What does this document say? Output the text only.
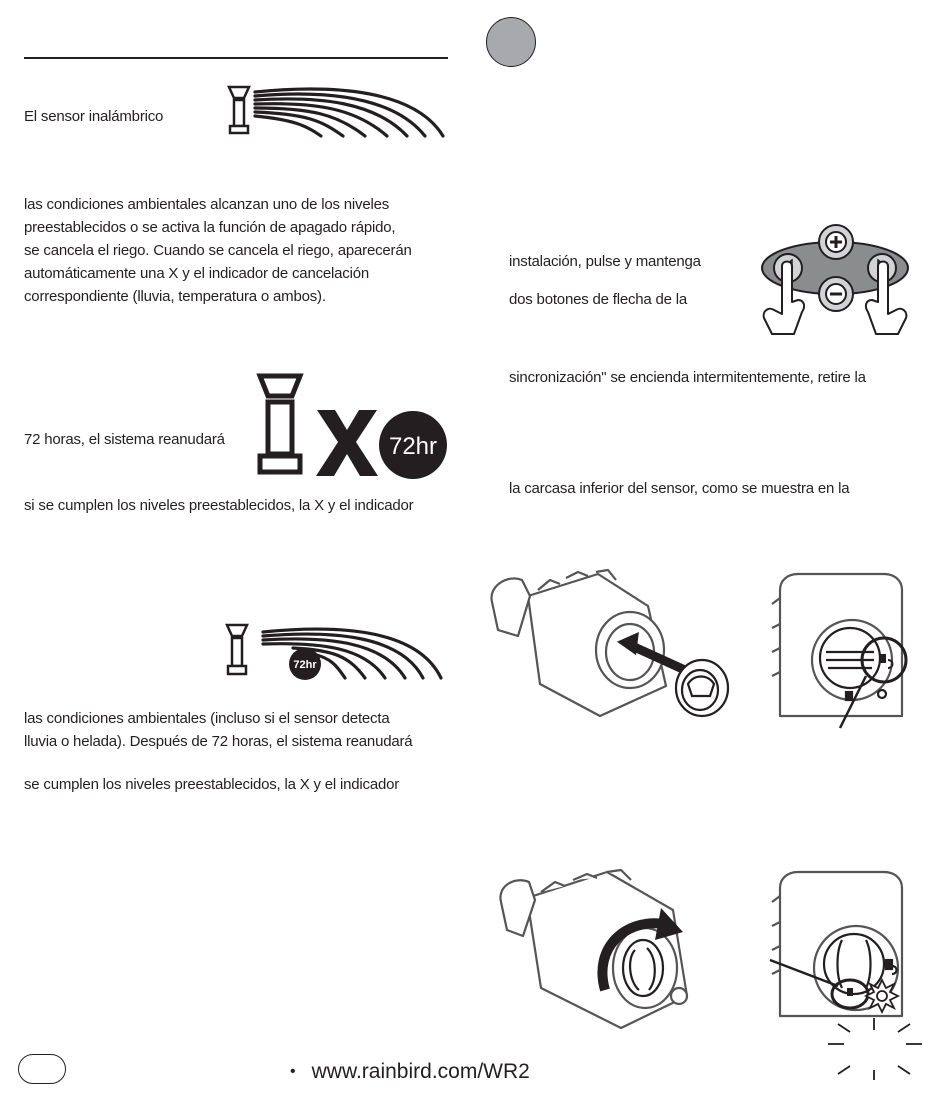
El sensor inalámbrico
las condiciones ambientales alcanzan uno de los niveles
preestablecidos o se activa la función de apagado rápido,
se cancela el riego. Cuando se cancela el riego, aparecerán
automáticamente una X y el indicador de cancelación
correspondiente (lluvia, temperatura o ambos).
72 horas, el sistema reanudará	72hr
si se cumplen los niveles preestablecidos, la X y el indicador
72hr
las condiciones ambientales (incluso si el sensor detecta
lluvia o helada). Después de 72 horas, el sistema reanudará
se cumplen los niveles preestablecidos, la X y el indicador
instalación, pulse y mantenga
dos botones de flecha de la
sincronización" se encienda intermitentemente, retire la
la carcasa inferior del sensor, como se muestra en la
• www.rainbird.com/WR2
